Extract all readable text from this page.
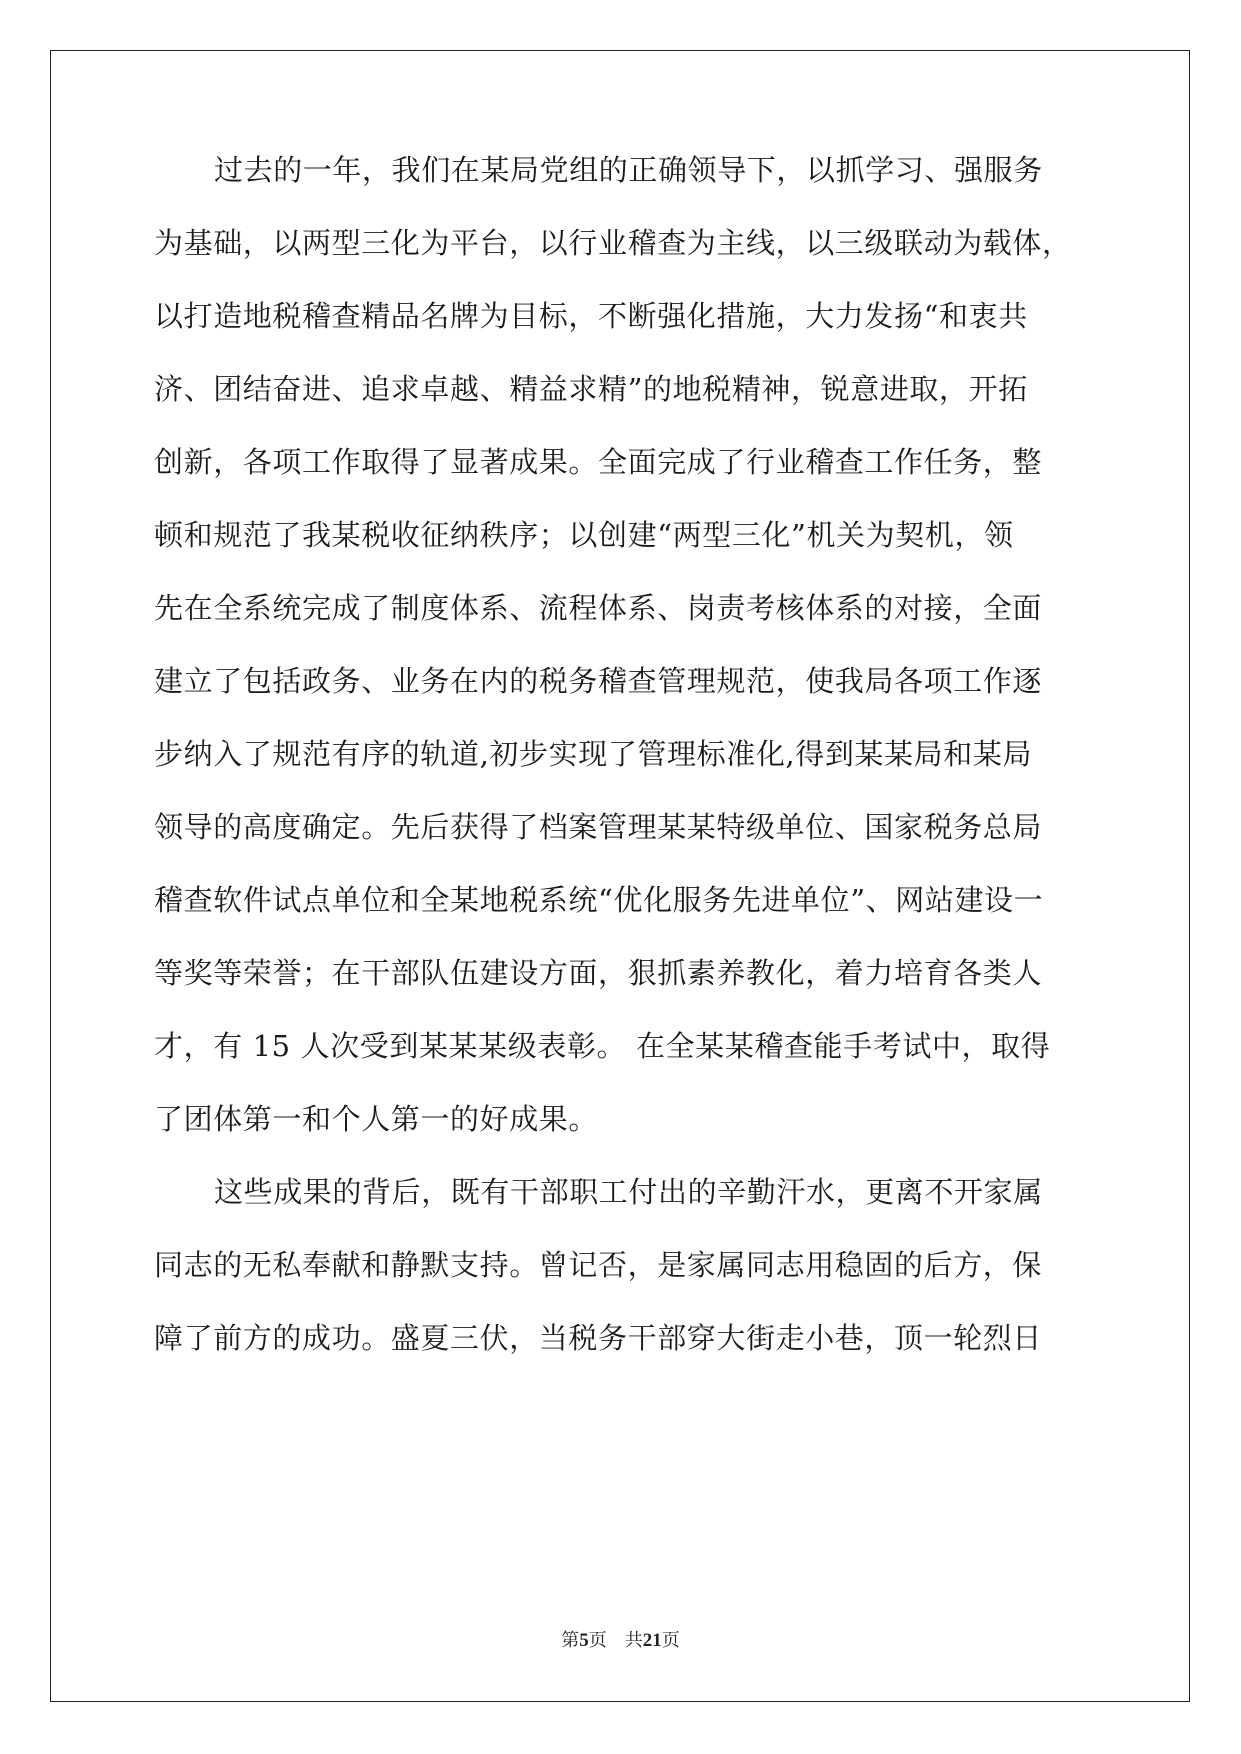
过去的一年，我们在某局党组的正确领导下，以抓学习、强服务
为基础，以两型三化为平台，以行业稽查为主线，以三级联动为载体，
以打造地税稽查精品名牌为目标，不断强化措施，大力发扬“和衷共
济、团结奋进、追求卓越、精益求精”的地税精神，锐意进取，开拓
创新，各项工作取得了显著成果。全面完成了行业稽查工作任务，整
顿和规范了我某税收征纳秩序；以创建“两型三化”机关为契机，领
先在全系统完成了制度体系、流程体系、岗责考核体系的对接，全面
建立了包括政务、业务在内的税务稽查管理规范，使我局各项工作逐
步纳入了规范有序的轨道,初步实现了管理标准化,得到某某局和某局
领导的高度确定。先后获得了档案管理某某特级单位、国家税务总局
稽查软件试点单位和全某地税系统“优化服务先进单位”、网站建设一
等奖等荣誉；在干部队伍建设方面，狠抓素养教化，着力培育各类人
才，有 15 人次受到某某某级表彰。 在全某某稽查能手考试中，取得
了团体第一和个人第一的好成果。
这些成果的背后，既有干部职工付出的辛勤汗水，更离不开家属
同志的无私奉献和静默支持。曾记否，是家属同志用稳固的后方，保
障了前方的成功。盛夏三伏，当税务干部穿大街走小巷，顶一轮烈日
第5页 共21页
